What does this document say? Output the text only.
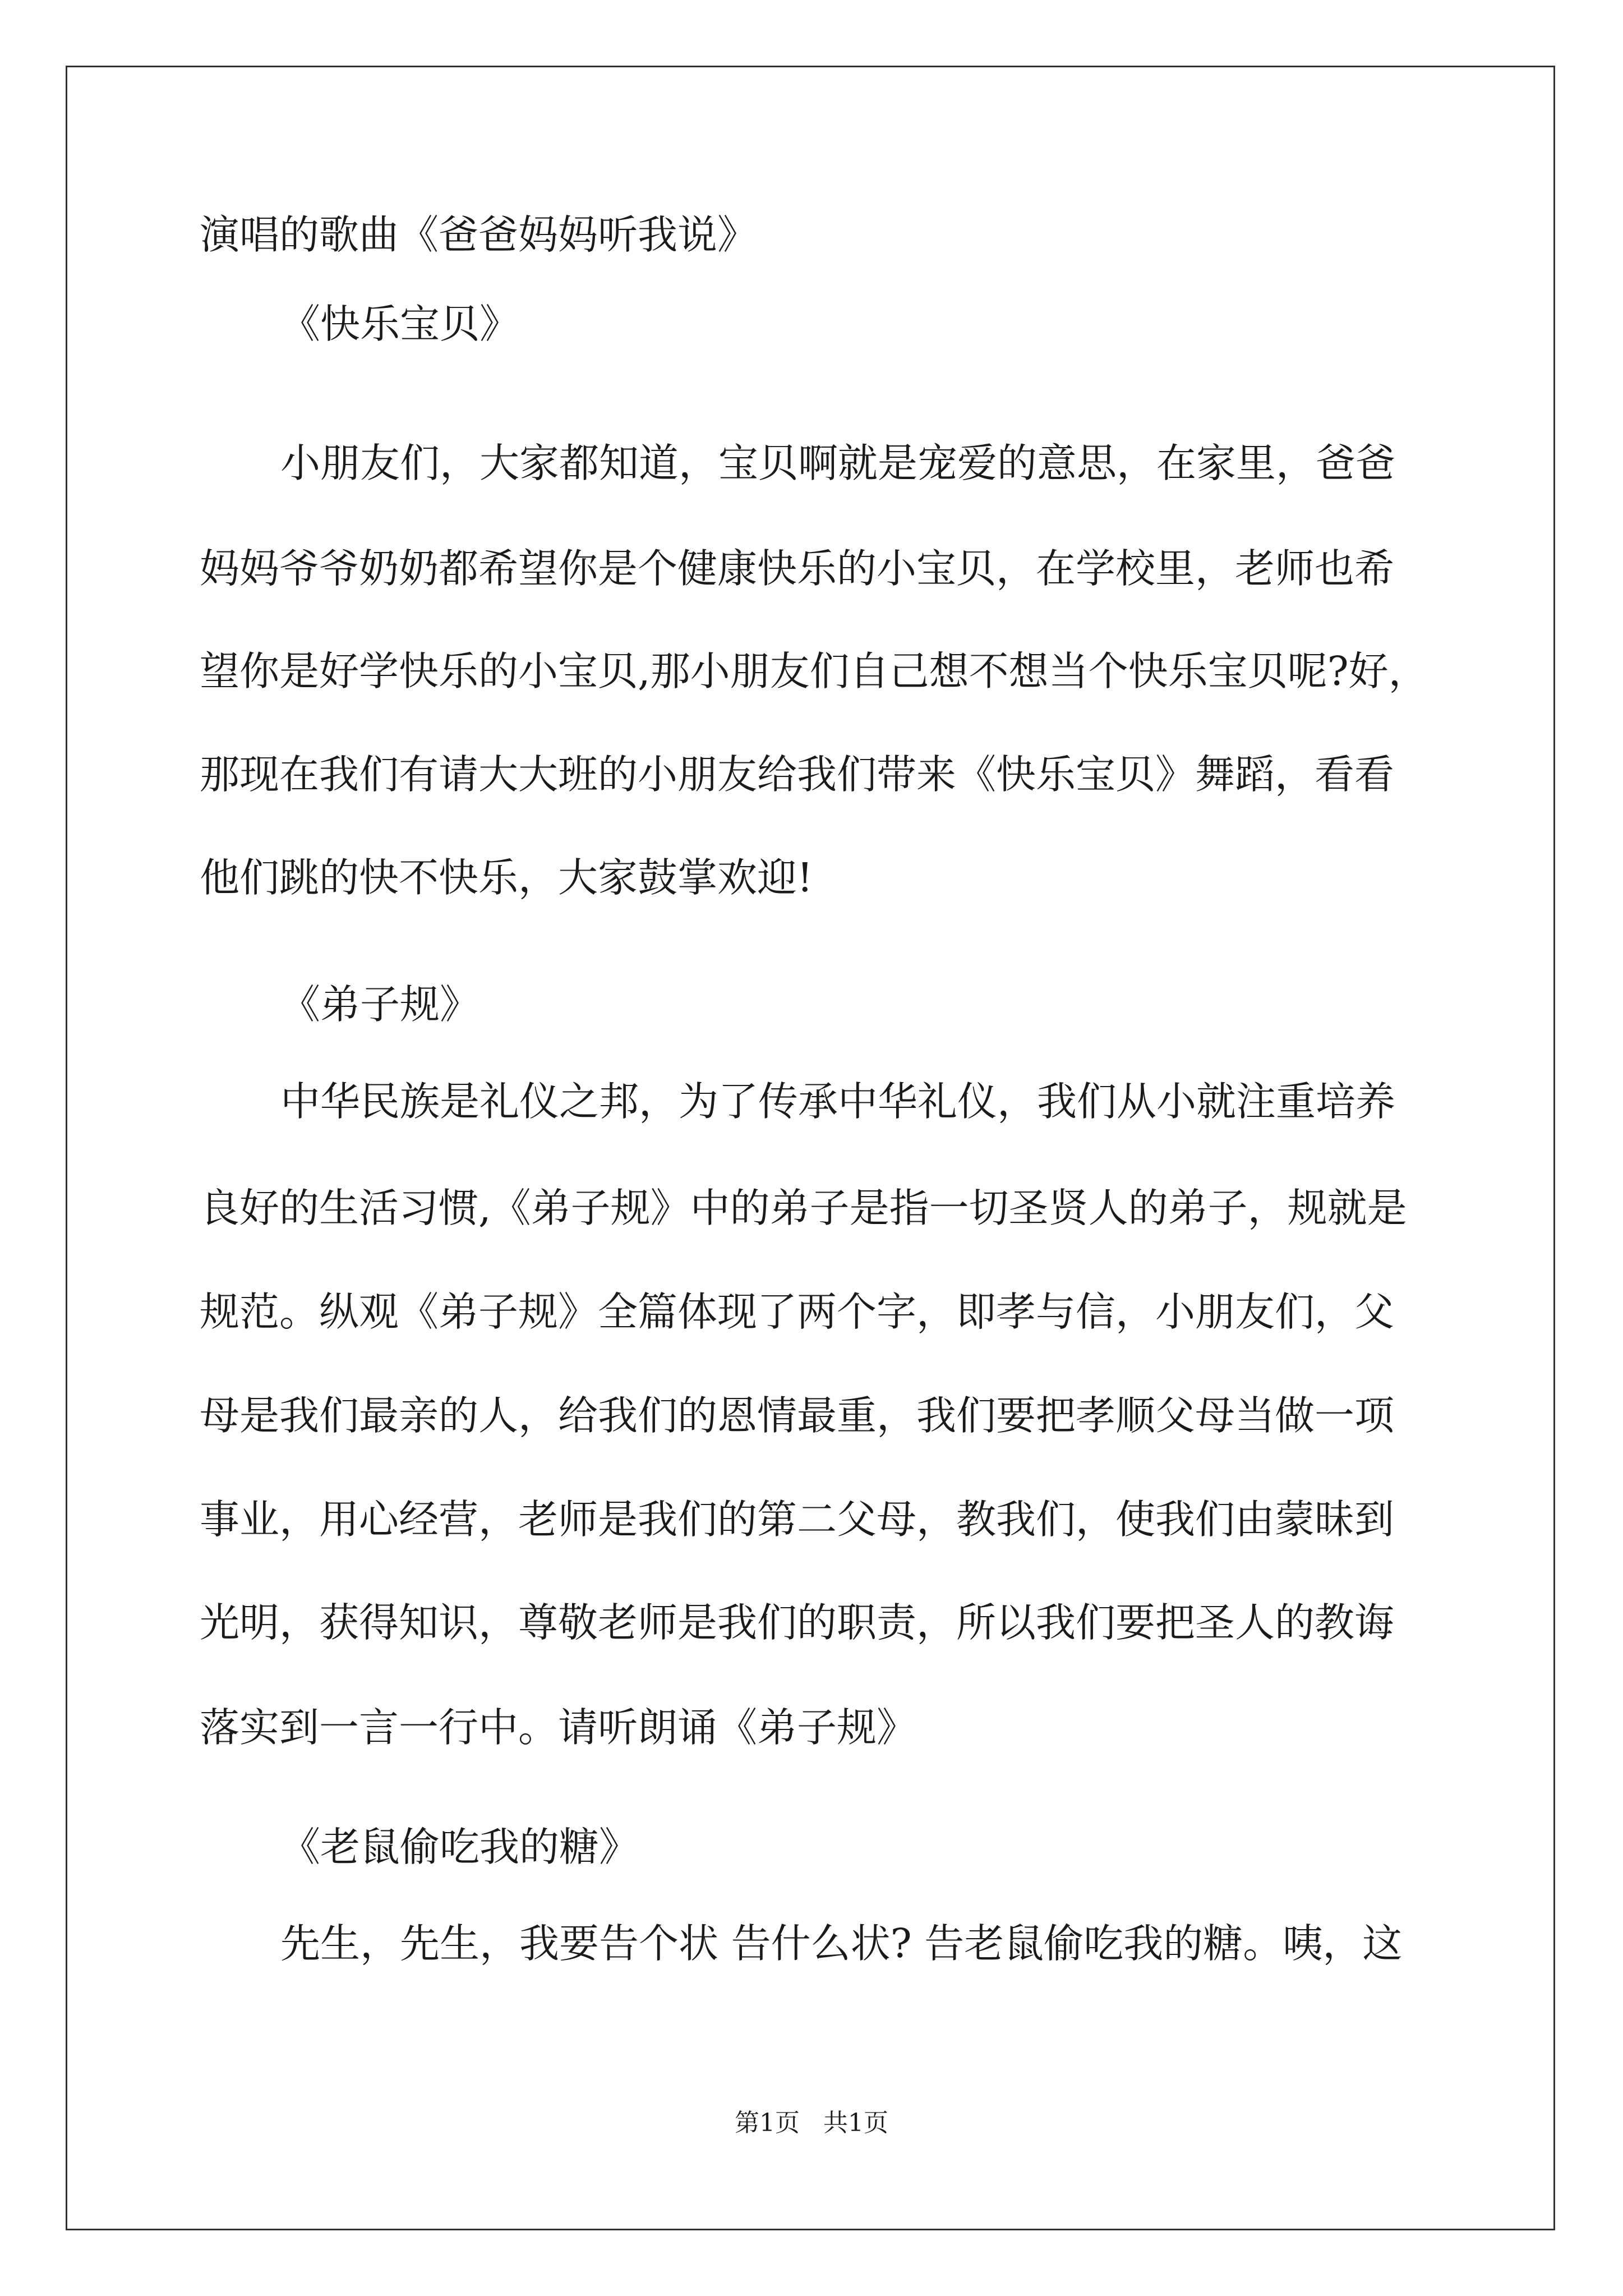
演唱的歌曲《爸爸妈妈听我说》

《快乐宝贝》

小朋友们，大家都知道，宝贝啊就是宠爱的意思，在家里，爸爸

妈妈爷爷奶奶都希望你是个健康快乐的小宝贝，在学校里，老师也希

望你是好学快乐的小宝贝,那小朋友们自己想不想当个快乐宝贝呢?好，

那现在我们有请大大班的小朋友给我们带来《快乐宝贝》舞蹈，看看

他们跳的快不快乐，大家鼓掌欢迎!

《弟子规》

中华民族是礼仪之邦，为了传承中华礼仪，我们从小就注重培养

良好的生活习惯,《弟子规》中的弟子是指一切圣贤人的弟子，规就是

规范。纵观《弟子规》全篇体现了两个字，即孝与信，小朋友们，父

母是我们最亲的人，给我们的恩情最重，我们要把孝顺父母当做一项

事业，用心经营，老师是我们的第二父母，教我们，使我们由蒙昧到

光明，获得知识，尊敬老师是我们的职责，所以我们要把圣人的教诲

落实到一言一行中。请听朗诵《弟子规》

《老鼠偷吃我的糖》

先生，先生，我要告个状 告什么状? 告老鼠偷吃我的糖。咦，这

第1页   共1页
